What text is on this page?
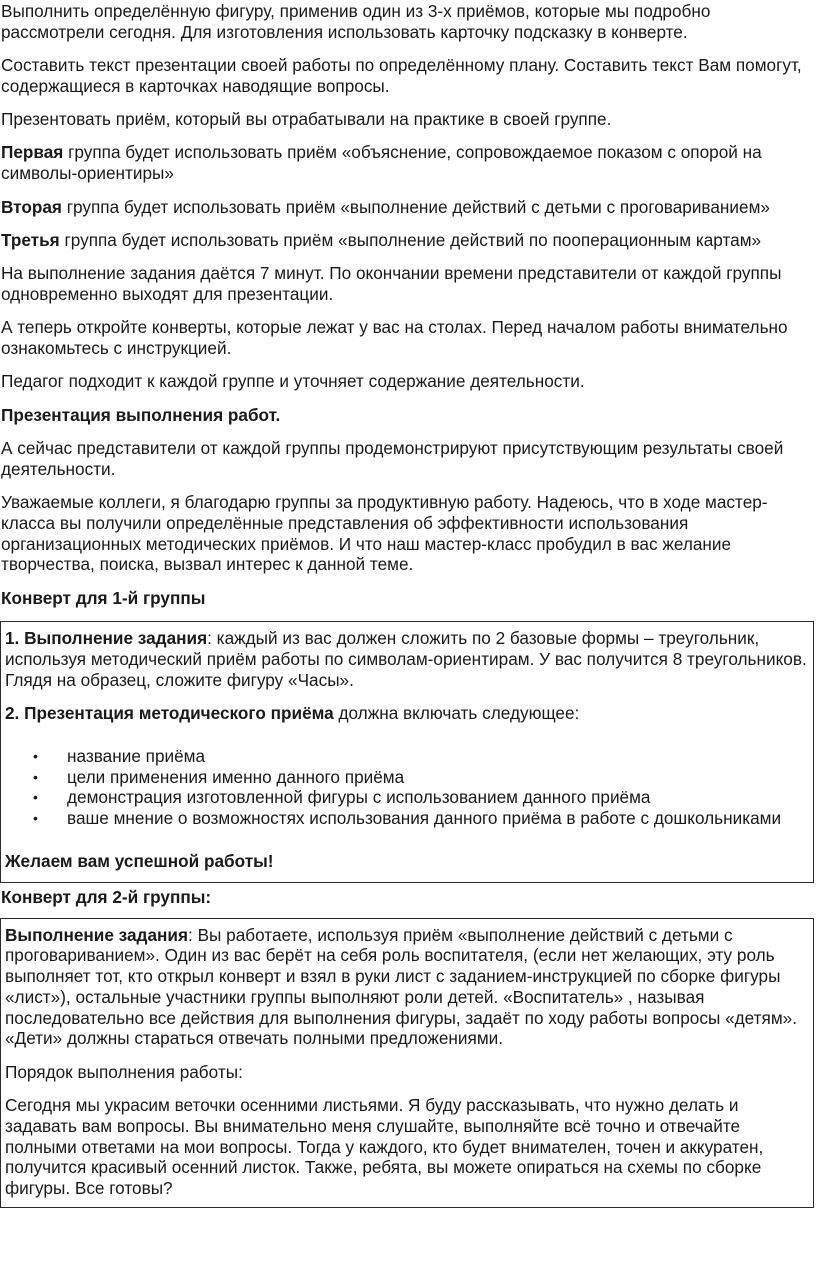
Выполнить определённую фигуру, применив один из 3-х приёмов, которые мы подробно рассмотрели сегодня. Для изготовления использовать карточку подсказку в конверте.

Составить текст презентации своей работы по определённому плану. Составить текст Вам помогут, содержащиеся в карточках наводящие вопросы.

Презентовать приём, который вы отрабатывали на практике в своей группе.

Первая группа будет использовать приём «объяснение, сопровождаемое показом с опорой на символы-ориентиры»

Вторая группа будет использовать приём «выполнение действий с детьми с проговариванием»

Третья группа будет использовать приём «выполнение действий по пооперационным картам»

На выполнение задания даётся 7 минут. По окончании времени представители от каждой группы одновременно выходят для презентации.

А теперь откройте конверты, которые лежат у вас на столах. Перед началом работы внимательно ознакомьтесь с инструкцией.

Педагог подходит к каждой группе и уточняет содержание деятельности.

Презентация выполнения работ.

А сейчас представители от каждой группы продемонстрируют присутствующим результаты своей деятельности.

Уважаемые коллеги, я благодарю группы за продуктивную работу. Надеюсь, что в ходе мастер-класса вы получили определённые представления об эффективности использования организационных методических приёмов. И что наш мастер-класс пробудил в вас желание творчества, поиска, вызвал интерес к данной теме.

Конверт для 1-й группы

1. Выполнение задания: каждый из вас должен сложить по 2 базовые формы – треугольник, используя методический приём работы по символам-ориентирам. У вас получится 8 треугольников. Глядя на образец, сложите фигуру «Часы».

2. Презентация методического приёма должна включать следующее:

• название приёма
• цели применения именно данного приёма
• демонстрация изготовленной фигуры с использованием данного приёма
• ваше мнение о возможностях использования данного приёма в работе с дошкольниками

Желаем вам успешной работы!

Конверт для 2-й группы:

Выполнение задания: Вы работаете, используя приём «выполнение действий с детьми с проговариванием». Один из вас берёт на себя роль воспитателя, (если нет желающих, эту роль выполняет тот, кто открыл конверт и взял в руки лист с заданием-инструкцией по сборке фигуры «лист»), остальные участники группы выполняют роли детей. «Воспитатель» , называя последовательно все действия для выполнения фигуры, задаёт по ходу работы вопросы «детям». «Дети» должны стараться отвечать полными предложениями.

Порядок выполнения работы:

Сегодня мы украсим веточки осенними листьями. Я буду рассказывать, что нужно делать и задавать вам вопросы. Вы внимательно меня слушайте, выполняйте всё точно и отвечайте полными ответами на мои вопросы. Тогда у каждого, кто будет внимателен, точен и аккуратен, получится красивый осенний листок. Также, ребята, вы можете опираться на схемы по сборке фигуры. Все готовы?
